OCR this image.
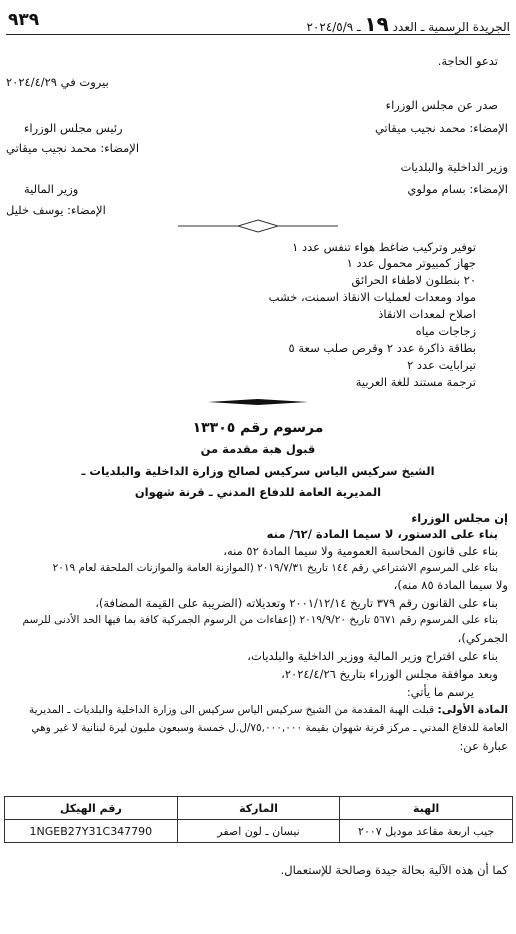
٩٣٩	الجريدة الرسمية ـ العدد ١٩ ـ ٢٠٢٤/٥/٩
تدعو الحاجة.
بيروت في ٢٠٢٤/٤/٢٩
صدر عن مجلس الوزراء
الإمضاء: محمد نجيب ميقاتي
رئيس مجلس الوزراء
الإمضاء: محمد نجيب ميقاتي
وزير الداخلية والبلديات
الإمضاء: بسام مولوي
وزير المالية
الإمضاء: يوسف خليل
توفير وتركيب ضاغط هواء تنفس عدد ١
جهاز كمبيوتر محمول عدد ١
٢٠ بنطلون لاطفاء الحرائق
مواد ومعدات لعمليات الانقاذ اسمنت، خشب
اصلاح لمعدات الانقاذ
زجاجات مياه
بطاقة ذاكرة عدد ٢ وقرص صلب سعة ٥
تيرابايت عدد ٢
ترجمة مستند للغة العربية
مرسوم رقم ١٣٣٠٥
قبول هبة مقدمة من
الشيخ سركيس الياس سركيس لصالح وزارة الداخلية والبلديات ـ
المديرية العامة للدفاع المدني ـ قرنة شهوان
إن مجلس الوزراء
بناء على الدستور، لا سيما المادة /٦٢/ منه
بناء على قانون المحاسبة العمومية ولا سيما المادة ٥٢ منه،
بناء على المرسوم الاشتراعي رقم ١٤٤ تاريخ ٢٠١٩/٧/٣١ (الموازنة العامة والموازنات الملحقة لعام ٢٠١٩
ولا سيما المادة ٨٥ منه)،
بناء على القانون رقم ٣٧٩ تاريخ ٢٠٠١/١٢/١٤ وتعديلاته (الضريبة على القيمة المضافة)،
بناء على المرسوم رقم ٥٦٧١ تاريخ ٢٠١٩/٩/٢٠ (إعفاءات من الرسوم الجمركية كافة بما فيها الحد الأدنى للرسم
الجمركي)،
بناء على اقتراح وزير المالية ووزير الداخلية والبلديات،
وبعد موافقة مجلس الوزراء بتاريخ ٢٠٢٤/٤/٢٦،
يرسم ما يأتي:
المادة الأولى: قبلت الهبة المقدمة من الشيخ سركيس الياس سركيس الى وزارة الداخلية والبلديات ـ المديرية
العامة للدفاع المدني ـ مركز قرنة شهوان بقيمة ٧٥,٠٠٠,٠٠٠/ل.ل خمسة وسبعون مليون ليرة لبنانية لا غير وهي
عبارة عن:
الهبة	الماركة	رقم الهيكل
جيب اربعة مقاعد موديل ٢٠٠٧	نيسان ـ لون اصفر	1NGEB27Y31C347790
كما أن هذه الآلية بحالة جيدة وصالحة للإستعمال.
